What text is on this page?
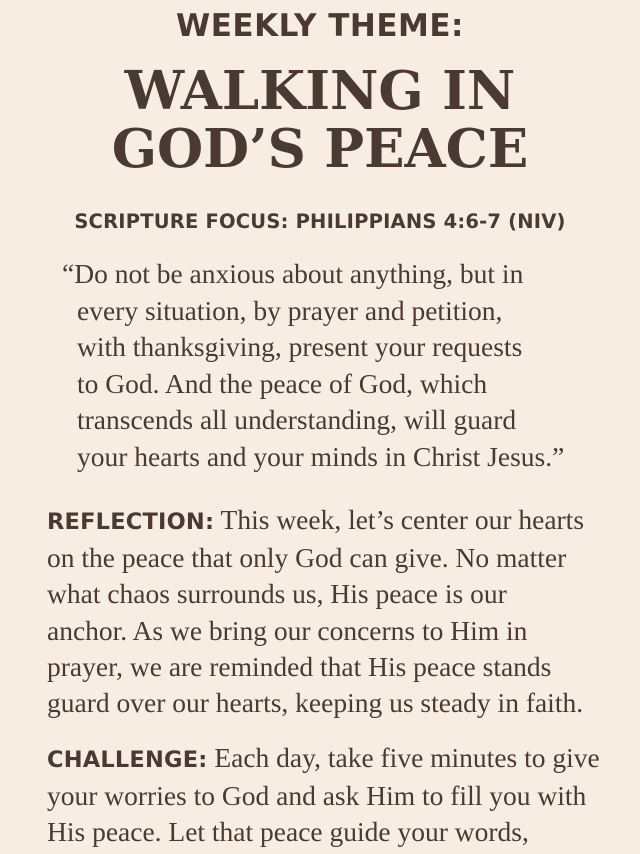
WEEKLY THEME:
WALKING IN
GOD’S PEACE
SCRIPTURE FOCUS: PHILIPPIANS 4:6-7 (NIV)

“Do not be anxious about anything, but in
every situation, by prayer and petition,
with thanksgiving, present your requests
to God. And the peace of God, which
transcends all understanding, will guard
your hearts and your minds in Christ Jesus.”

REFLECTION: This week, let’s center our hearts
on the peace that only God can give. No matter
what chaos surrounds us, His peace is our
anchor. As we bring our concerns to Him in
prayer, we are reminded that His peace stands
guard over our hearts, keeping us steady in faith.

CHALLENGE: Each day, take five minutes to give
your worries to God and ask Him to fill you with
His peace. Let that peace guide your words,
